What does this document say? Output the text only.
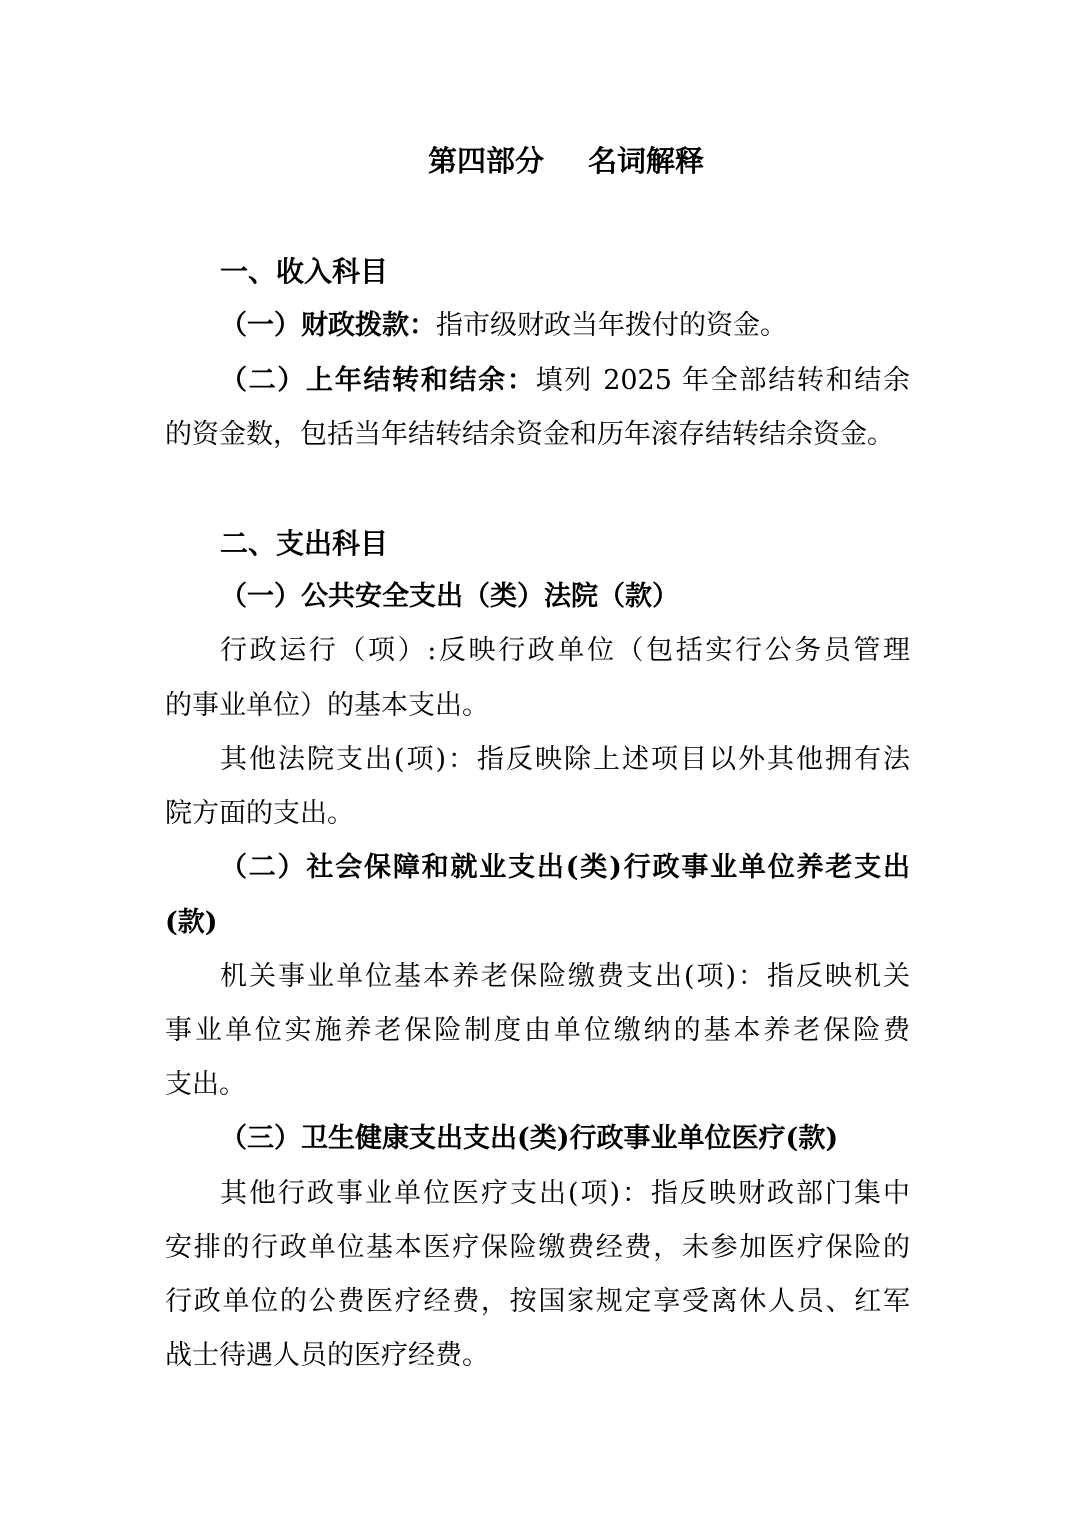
第四部分 名词解释
一、收入科目
（一）财政拨款：指市级财政当年拨付的资金。
（二）上年结转和结余：填列 2025 年全部结转和结余
的资金数，包括当年结转结余资金和历年滚存结转结余资金。
二、支出科目
（一）公共安全支出（类）法院（款）
行政运行（项）:反映行政单位（包括实行公务员管理
的事业单位）的基本支出。
其他法院支出(项)：指反映除上述项目以外其他拥有法
院方面的支出。
（二）社会保障和就业支出(类)行政事业单位养老支出
(款)
机关事业单位基本养老保险缴费支出(项)：指反映机关
事业单位实施养老保险制度由单位缴纳的基本养老保险费
支出。
（三）卫生健康支出支出(类)行政事业单位医疗(款)
其他行政事业单位医疗支出(项)：指反映财政部门集中
安排的行政单位基本医疗保险缴费经费，未参加医疗保险的
行政单位的公费医疗经费，按国家规定享受离休人员、红军
战士待遇人员的医疗经费。
